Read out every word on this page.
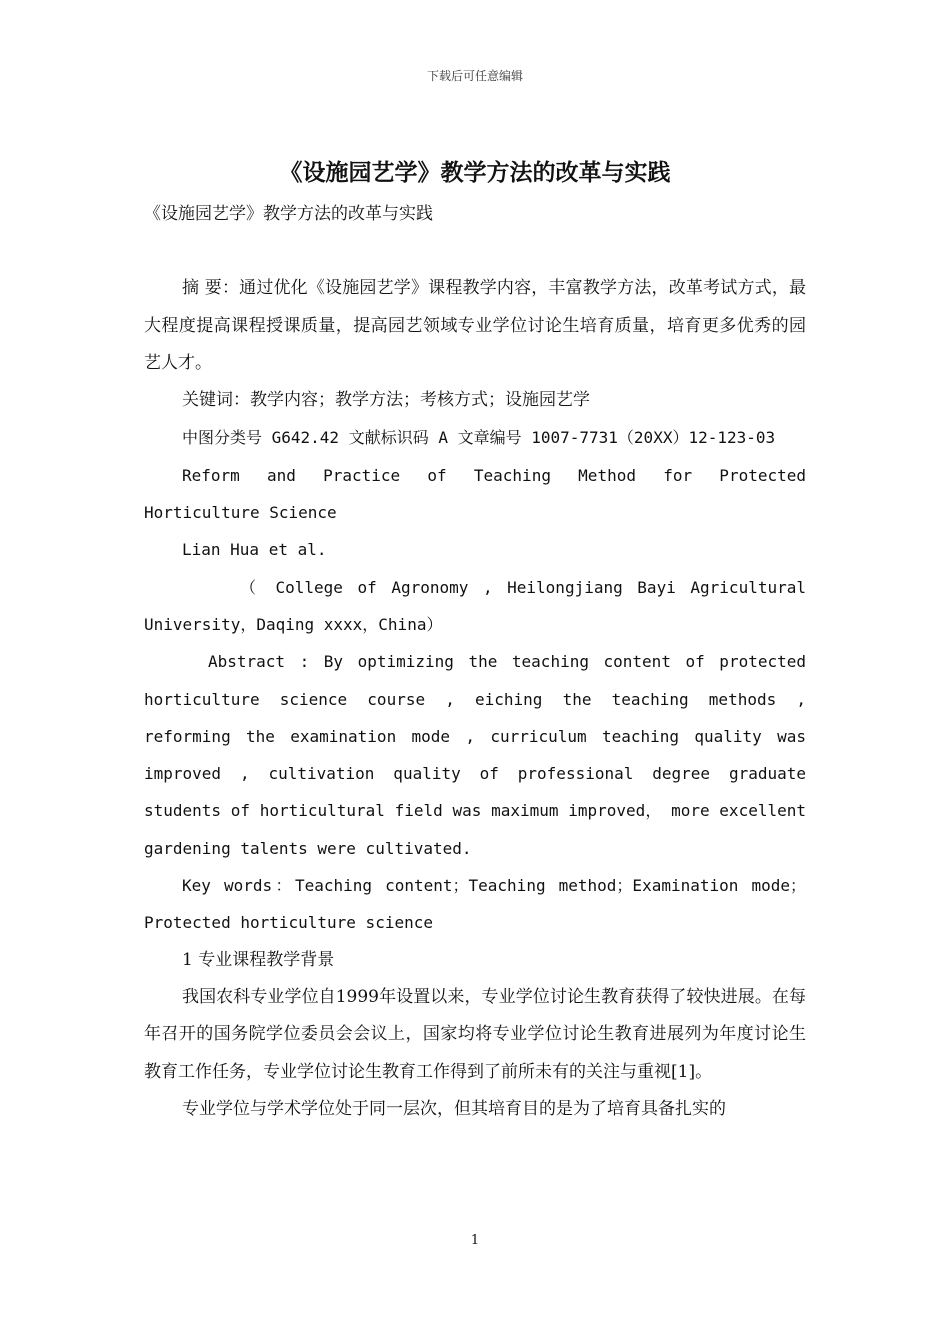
下载后可任意编辑
《设施园艺学》教学方法的改革与实践

《设施园艺学》教学方法的改革与实践

摘 要：通过优化《设施园艺学》课程教学内容，丰富教学方法，改革考试方式，最大程度提高课程授课质量，提高园艺领域专业学位讨论生培育质量，培育更多优秀的园艺人才。

关键词：教学内容；教学方法；考核方式；设施园艺学

中图分类号 G642.42 文献标识码 A 文章编号 1007-7731（20XX）12-123-03

Reform and Practice of Teaching Method for Protected Horticulture Science

Lian Hua et al.

（ College of Agronomy , Heilongjiang Bayi Agricultural University，Daqing xxxx，China）

Abstract : By optimizing the teaching content of protected horticulture science course , eiching the teaching methods , reforming the examination mode , curriculum teaching quality was improved , cultivation quality of professional degree graduate students of horticultural field was maximum improved， more excellent gardening talents were cultivated.

Key words：Teaching content；Teaching method；Examination mode；Protected horticulture science

1 专业课程教学背景

我国农科专业学位自1999年设置以来，专业学位讨论生教育获得了较快进展。在每年召开的国务院学位委员会会议上，国家均将专业学位讨论生教育进展列为年度讨论生教育工作任务，专业学位讨论生教育工作得到了前所未有的关注与重视[1]。

专业学位与学术学位处于同一层次，但其培育目的是为了培育具备扎实的

1
